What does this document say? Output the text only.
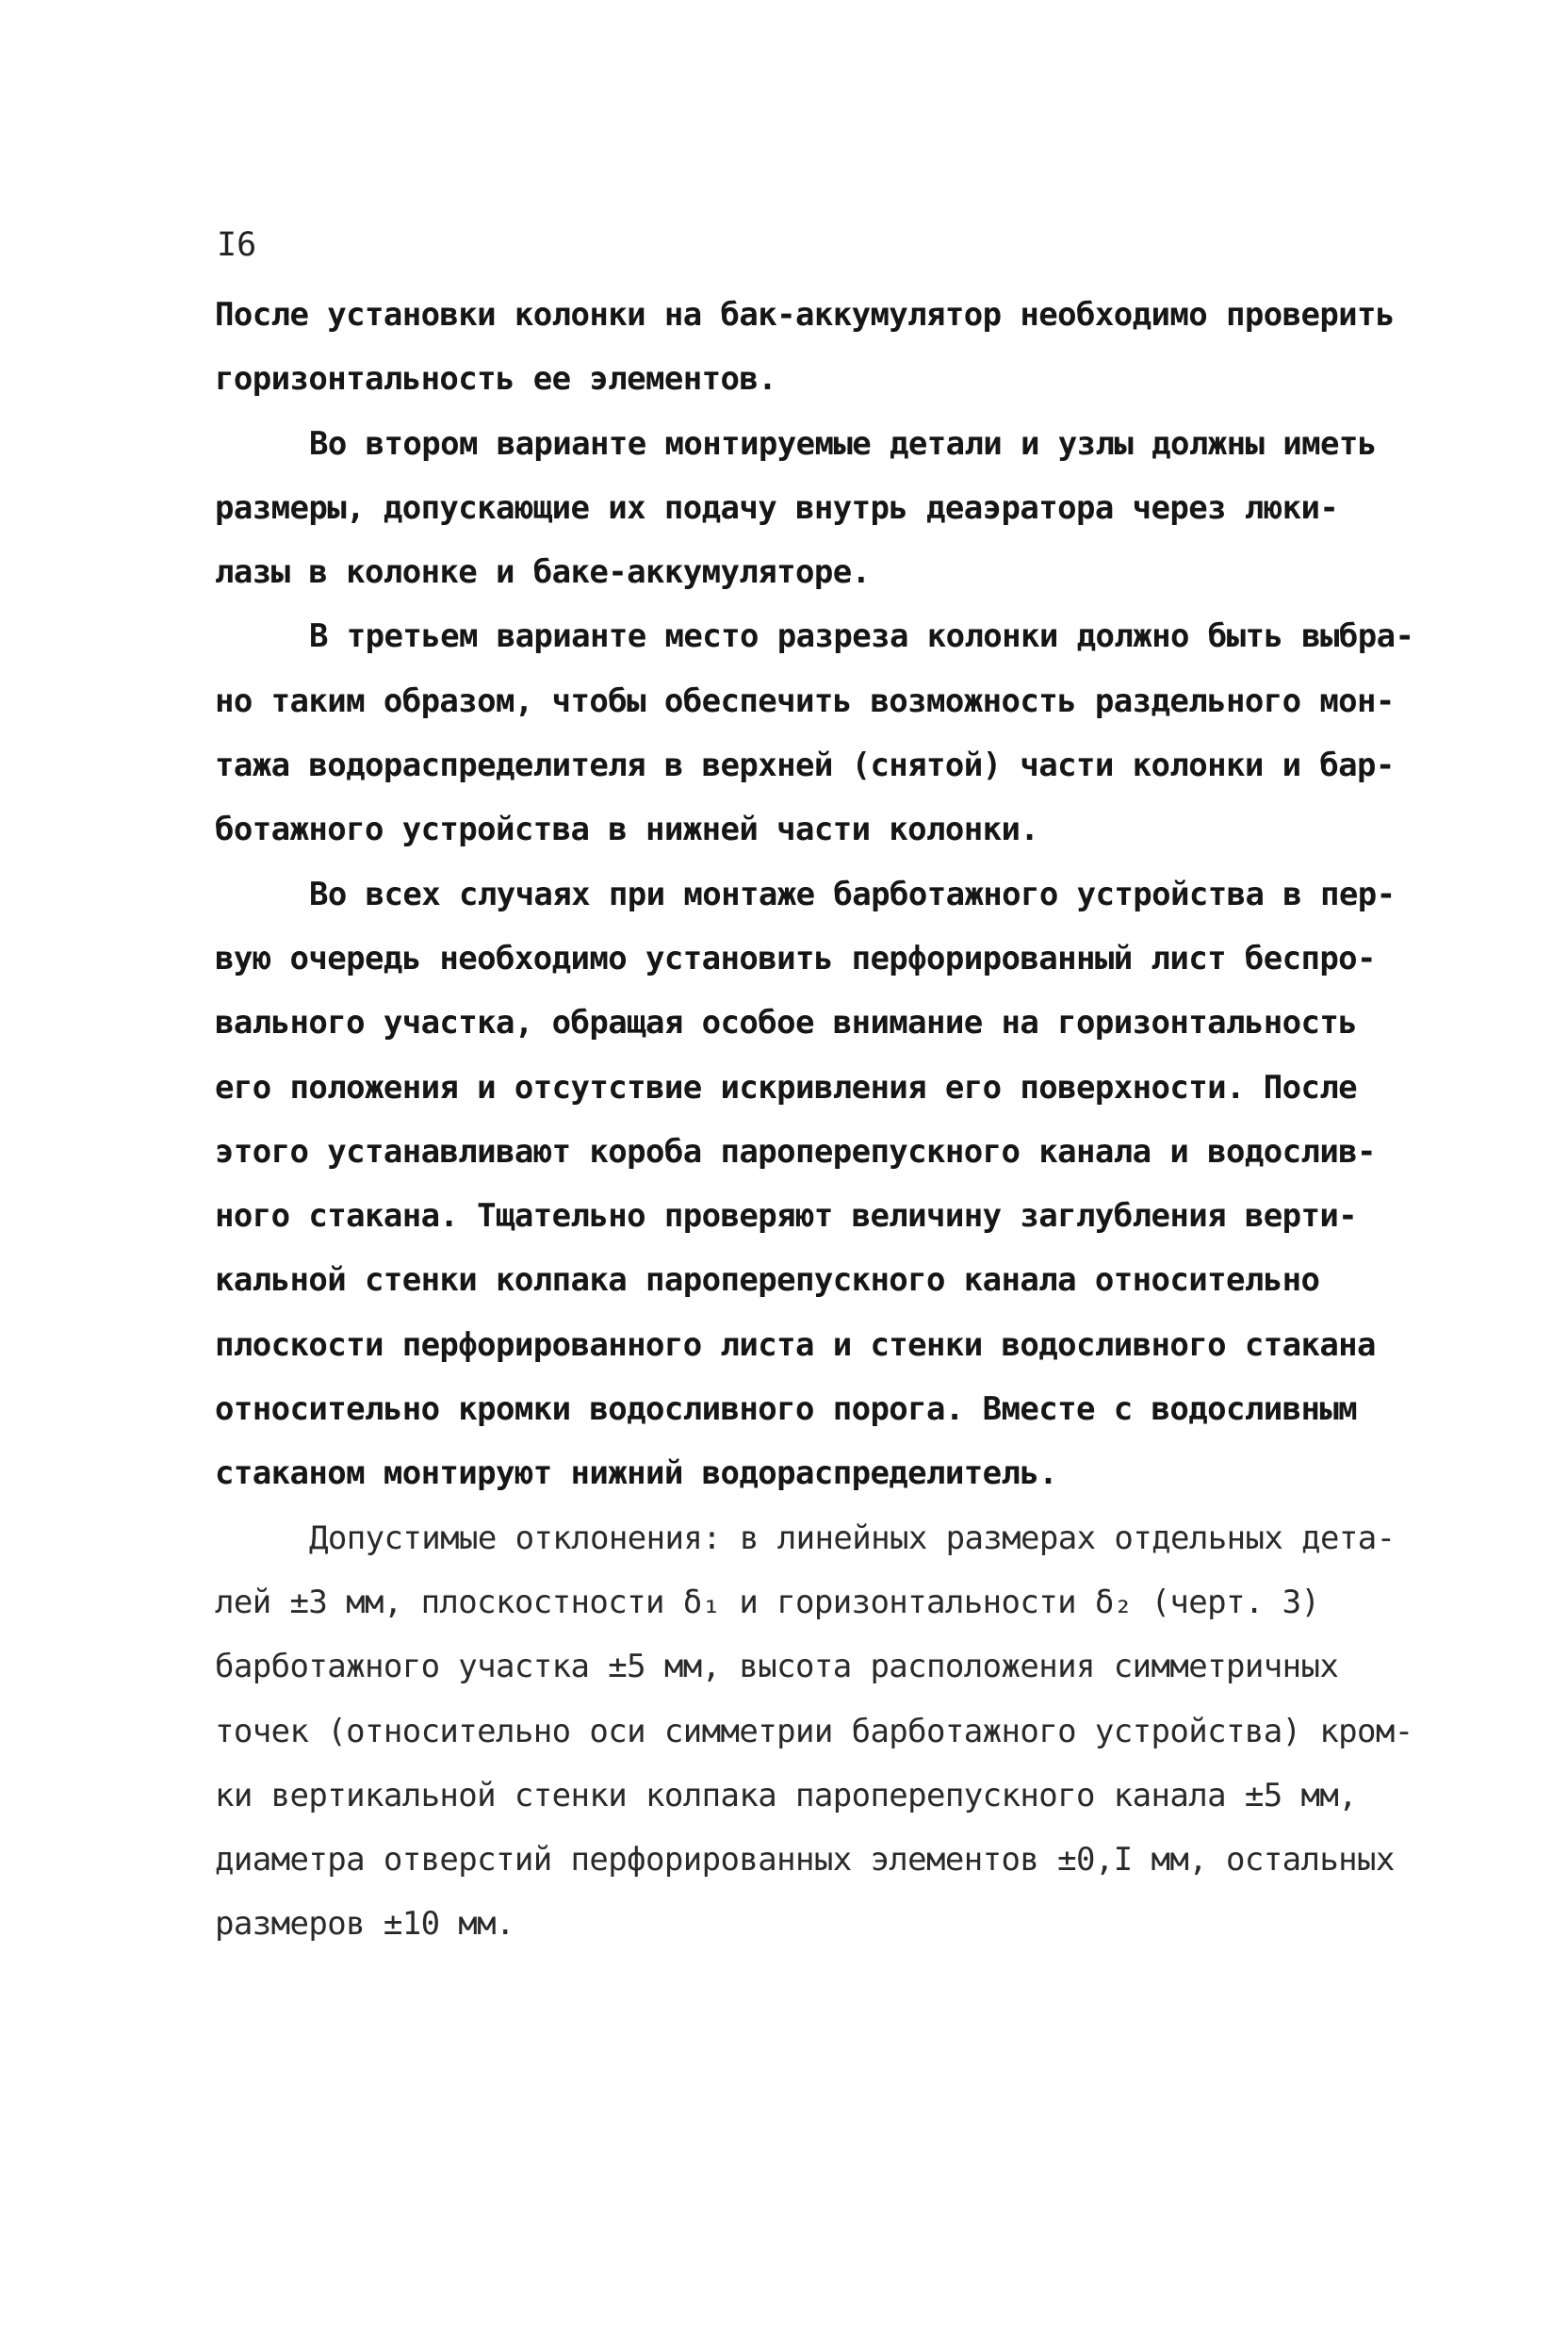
I6
После установки колонки на бак-аккумулятор необходимо проверить
горизонтальность ее элементов.
Во втором варианте монтируемые детали и узлы должны иметь
размеры, допускающие их подачу внутрь деаэратора через люки-
лазы в колонке и баке-аккумуляторе.
В третьем варианте место разреза колонки должно быть выбра-
но таким образом, чтобы обеспечить возможность раздельного мон-
тажа водораспределителя в верхней (снятой) части колонки и бар-
ботажного устройства в нижней части колонки.
Во всех случаях при монтаже барботажного устройства в пер-
вую очередь необходимо установить перфорированный лист беспро-
вального участка, обращая особое внимание на горизонтальность
его положения и отсутствие искривления его поверхности. После
этого устанавливают короба пароперепускного канала и водослив-
ного стакана. Тщательно проверяют величину заглубления верти-
кальной стенки колпака пароперепускного канала относительно
плоскости перфорированного листа и стенки водосливного стакана
относительно кромки водосливного порога. Вместе с водосливным
стаканом монтируют нижний водораспределитель.
Допустимые отклонения: в линейных размерах отдельных дета-
лей ±3 мм, плоскостности δ₁ и горизонтальности δ₂ (черт. 3)
барботажного участка ±5 мм, высота расположения симметричных
точек (относительно оси симметрии барботажного устройства) кром-
ки вертикальной стенки колпака пароперепускного канала ±5 мм,
диаметра отверстий перфорированных элементов ±0,I мм, остальных
размеров ±10 мм.
